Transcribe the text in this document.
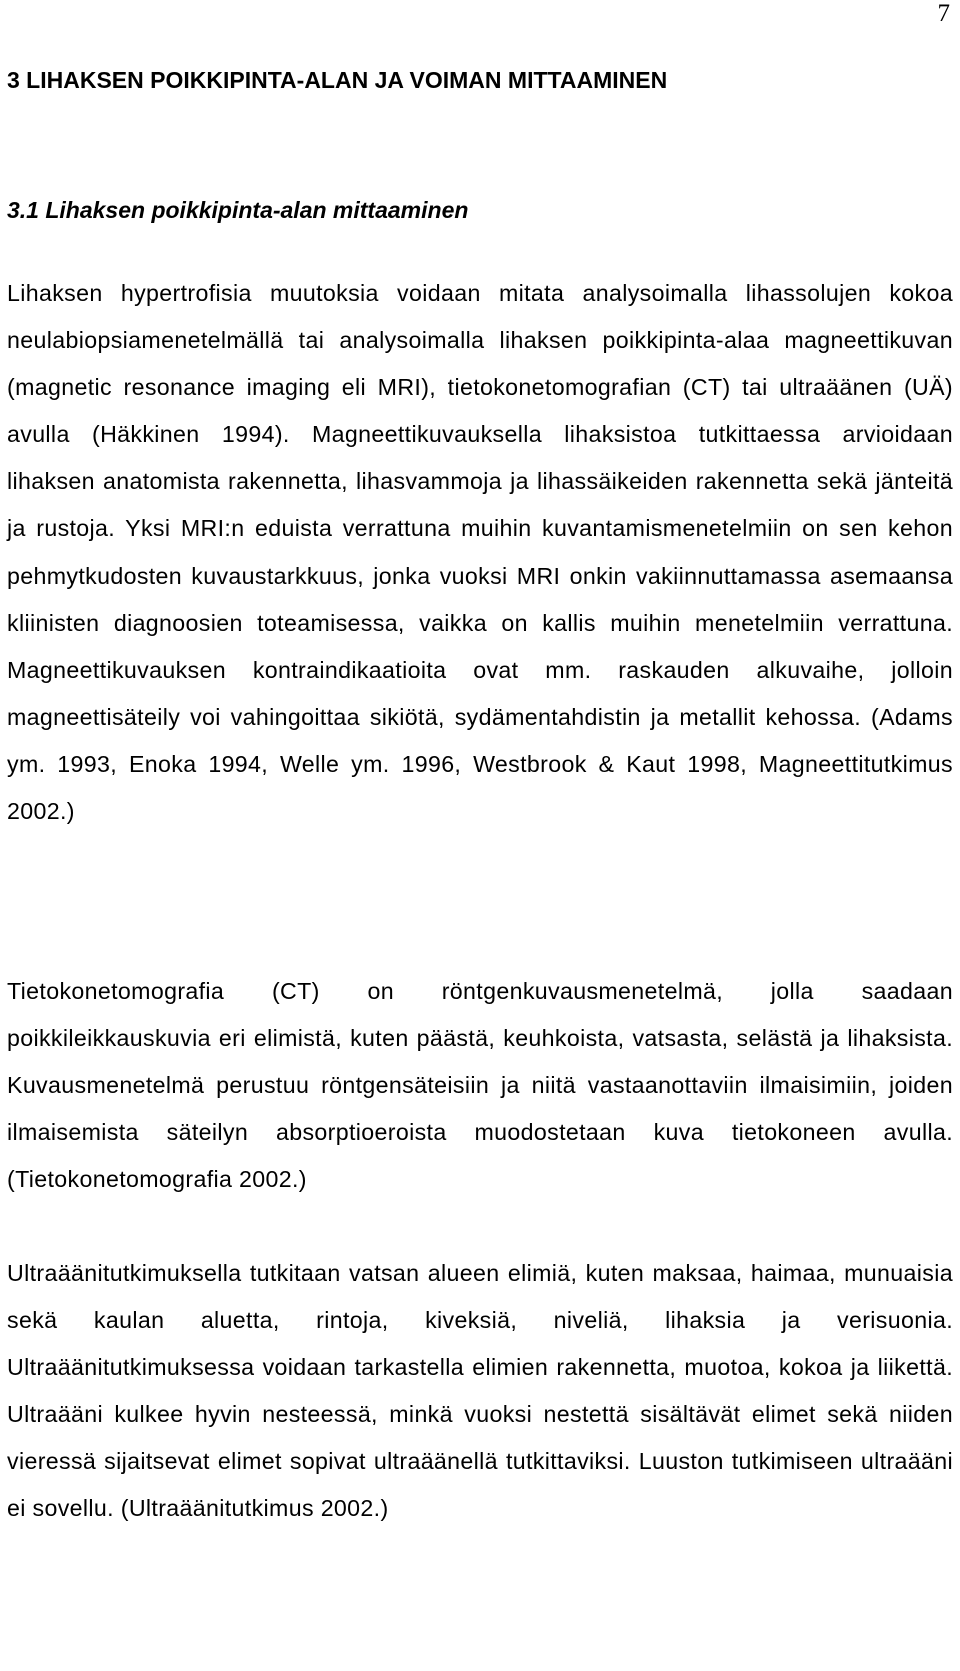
7
3 LIHAKSEN POIKKIPINTA-ALAN JA VOIMAN MITTAAMINEN
3.1 Lihaksen poikkipinta-alan mittaaminen

Lihaksen hypertrofisia muutoksia voidaan mitata analysoimalla lihassolujen kokoa neulabiopsiamenetelmällä tai analysoimalla lihaksen poikkipinta-alaa magneettikuvan (magnetic resonance imaging eli MRI), tietokonetomografian (CT) tai ultraäänen (UÄ) avulla (Häkkinen 1994). Magneettikuvauksella lihaksistoa tutkittaessa arvioidaan lihaksen anatomista rakennetta, lihasvammoja ja lihassäikeiden rakennetta sekä jänteitä ja rustoja. Yksi MRI:n eduista verrattuna muihin kuvantamismenetelmiin on sen kehon pehmytkudosten kuvaustarkkuus, jonka vuoksi MRI onkin vakiinnuttamassa asemaansa kliinisten diagnoosien toteamisessa, vaikka on kallis muihin menetelmiin verrattuna. Magneettikuvauksen kontraindikaatioita ovat mm. raskauden alkuvaihe, jolloin magneettisäteily voi vahingoittaa sikiötä, sydämentahdistin ja metallit kehossa. (Adams ym. 1993, Enoka 1994, Welle ym. 1996, Westbrook & Kaut 1998, Magneettitutkimus 2002.)

Tietokonetomografia (CT) on röntgenkuvausmenetelmä, jolla saadaan poikkileikkauskuvia eri elimistä, kuten päästä, keuhkoista, vatsasta, selästä ja lihaksista. Kuvausmenetelmä perustuu röntgensäteisiin ja niitä vastaanottaviin ilmaisimiin, joiden ilmaisemista säteilyn absorptioeroista muodostetaan kuva tietokoneen avulla. (Tietokonetomografia 2002.)

Ultraäänitutkimuksella tutkitaan vatsan alueen elimiä, kuten maksaa, haimaa, munuaisia sekä kaulan aluetta, rintoja, kiveksiä, niveliä, lihaksia ja verisuonia. Ultraäänitutkimuksessa voidaan tarkastella elimien rakennetta, muotoa, kokoa ja liikettä. Ultraääni kulkee hyvin nesteessä, minkä vuoksi nestettä sisältävät elimet sekä niiden vieressä sijaitsevat elimet sopivat ultraäänellä tutkittaviksi. Luuston tutkimiseen ultraääni ei sovellu. (Ultraäänitutkimus 2002.)
